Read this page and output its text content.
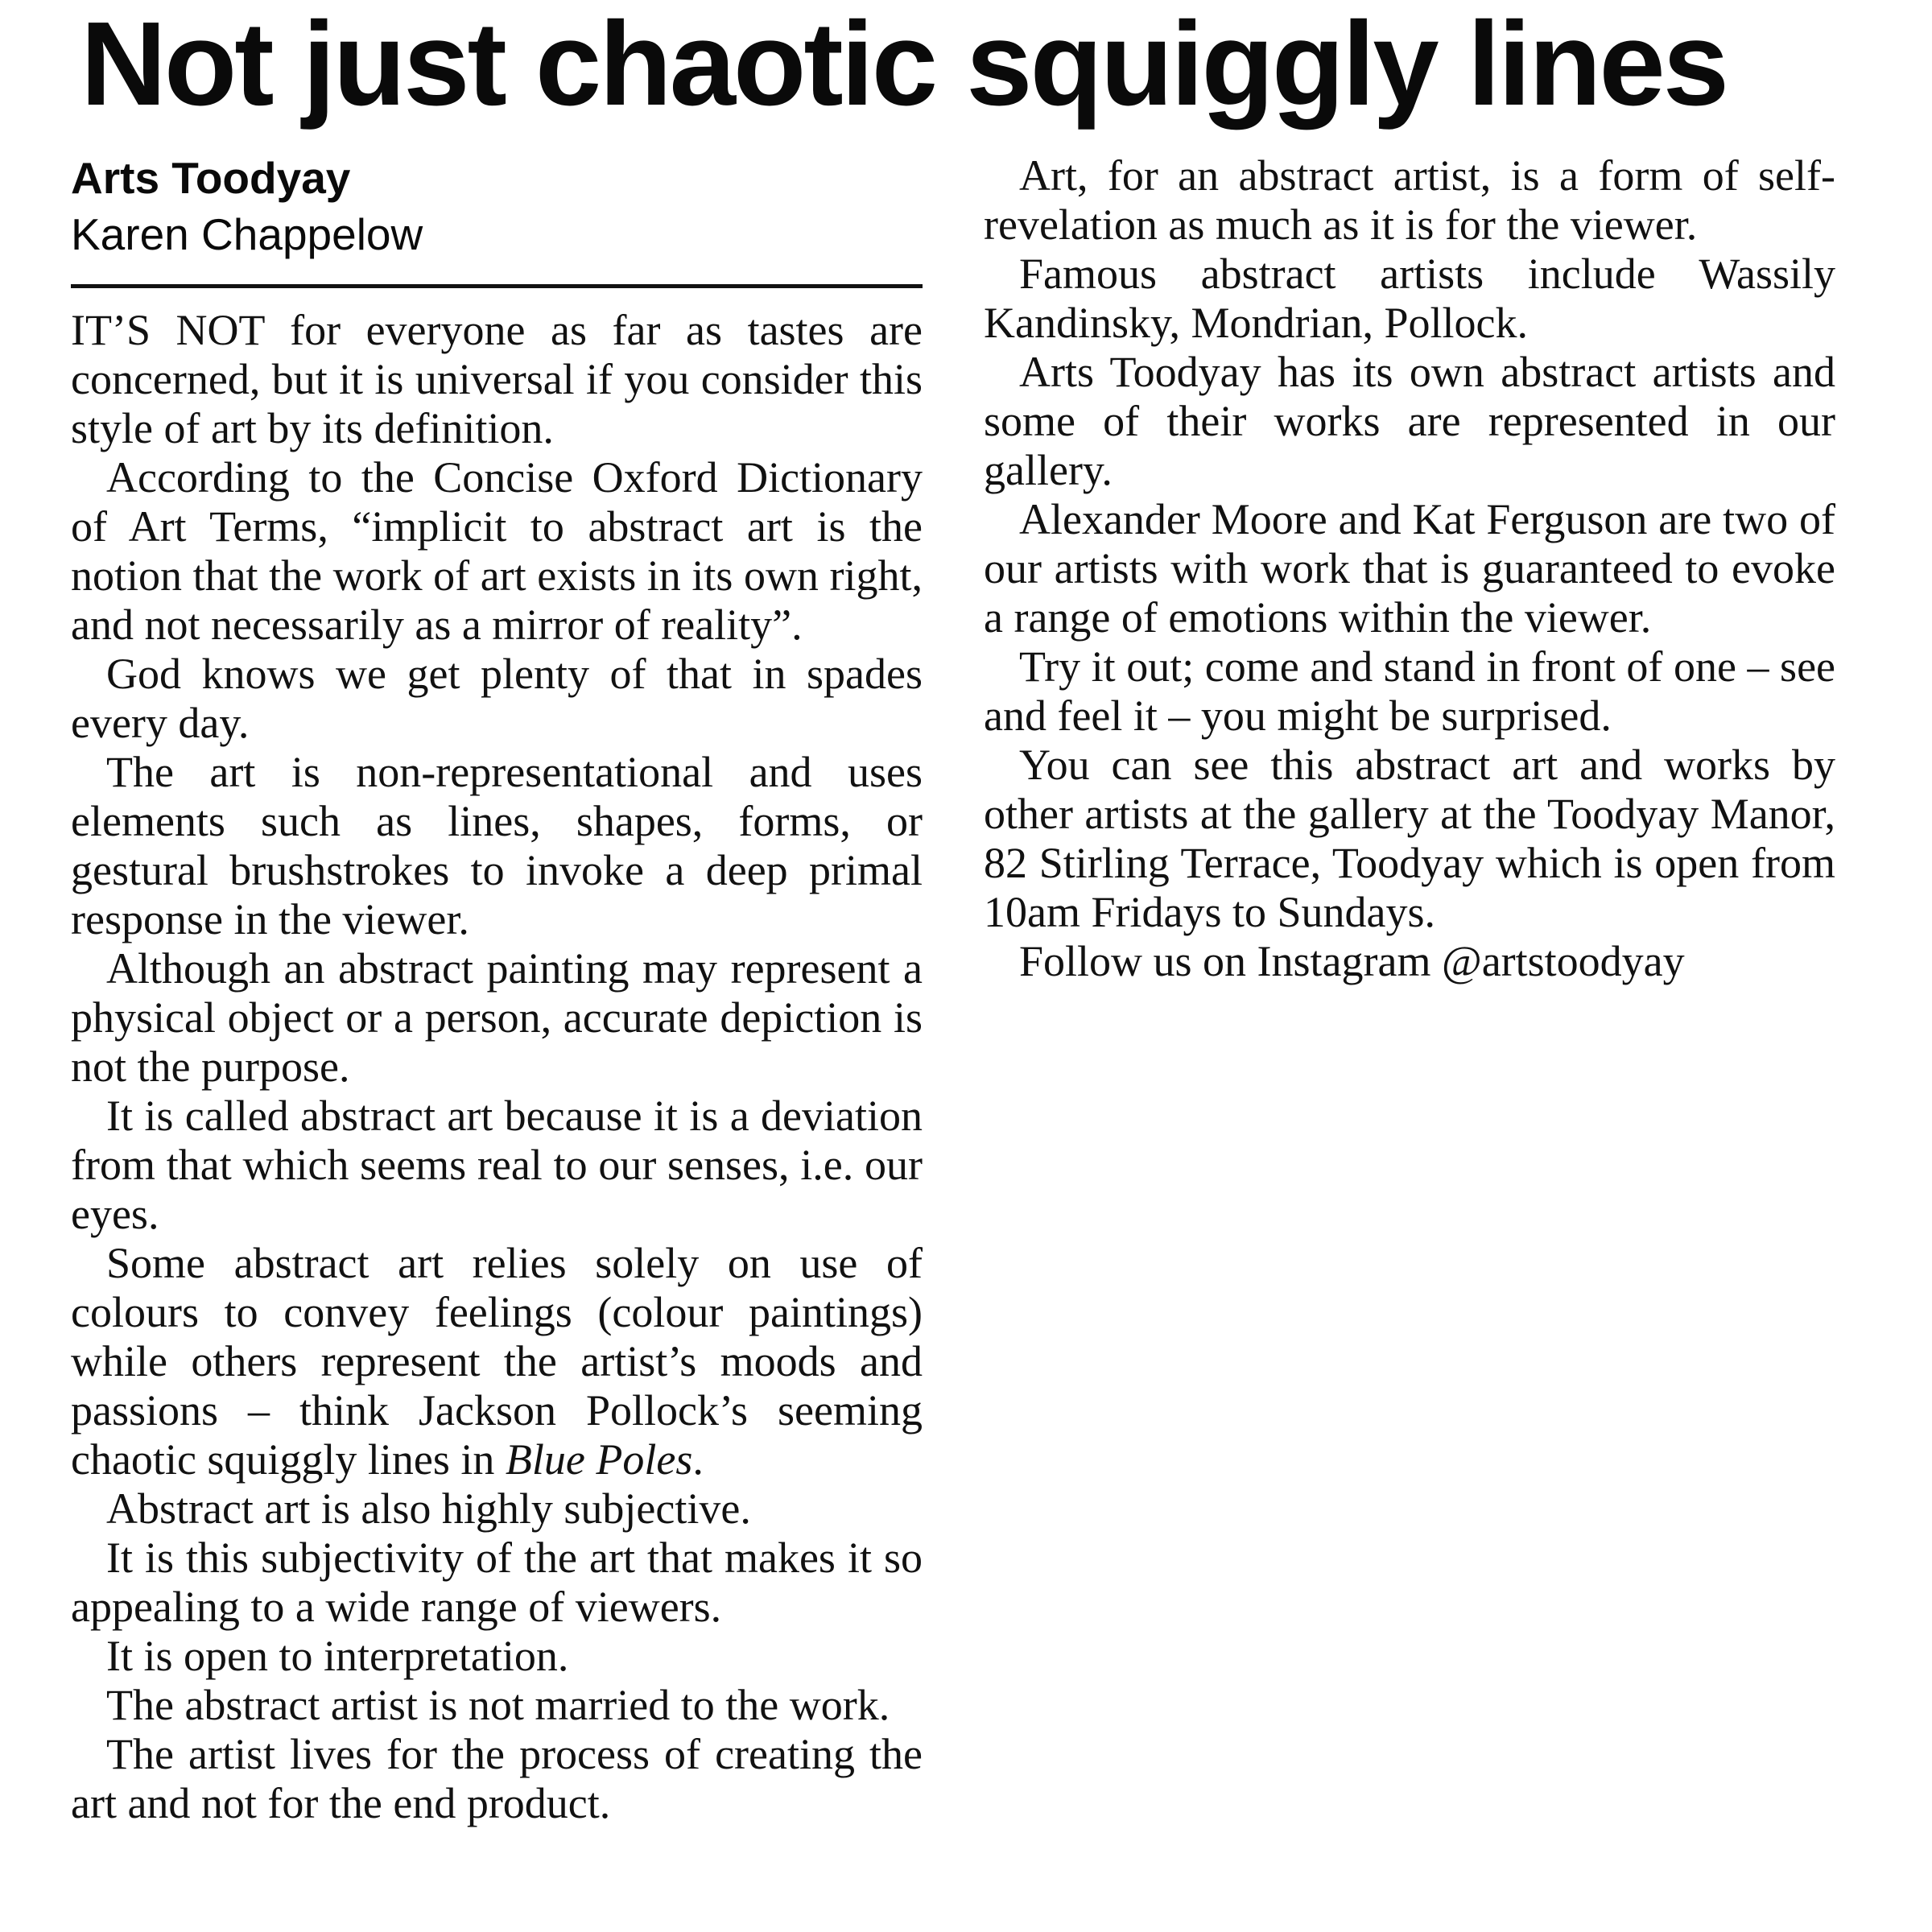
Not just chaotic squiggly lines
Arts Toodyay
Karen Chappelow

IT’S NOT for everyone as far as tastes are concerned, but it is universal if you consider this style of art by its definition.

According to the Concise Oxford Dictionary of Art Terms, “implicit to abstract art is the notion that the work of art exists in its own right, and not necessarily as a mirror of reality”.

God knows we get plenty of that in spades every day.

The art is non-representational and uses elements such as lines, shapes, forms, or gestural brushstrokes to invoke a deep primal response in the viewer.

Although an abstract painting may represent a physical object or a person, accurate depiction is not the purpose.

It is called abstract art because it is a deviation from that which seems real to our senses, i.e. our eyes.

Some abstract art relies solely on use of colours to convey feelings (colour paintings) while others represent the artist’s moods and passions – think Jackson Pollock’s seeming chaotic squiggly lines in Blue Poles.

Abstract art is also highly subjective.

It is this subjectivity of the art that makes it so appealing to a wide range of viewers.

It is open to interpretation.

The abstract artist is not married to the work.

The artist lives for the process of creating the art and not for the end product.

Art, for an abstract artist, is a form of self-revelation as much as it is for the viewer.

Famous abstract artists include Wassily Kandinsky, Mondrian, Pollock.

Arts Toodyay has its own abstract artists and some of their works are represented in our gallery.

Alexander Moore and Kat Ferguson are two of our artists with work that is guaranteed to evoke a range of emotions within the viewer.

Try it out; come and stand in front of one – see and feel it – you might be surprised.

You can see this abstract art and works by other artists at the gallery at the Toodyay Manor, 82 Stirling Terrace, Toodyay which is open from 10am Fridays to Sundays.

Follow us on Instagram @artstoodyay
